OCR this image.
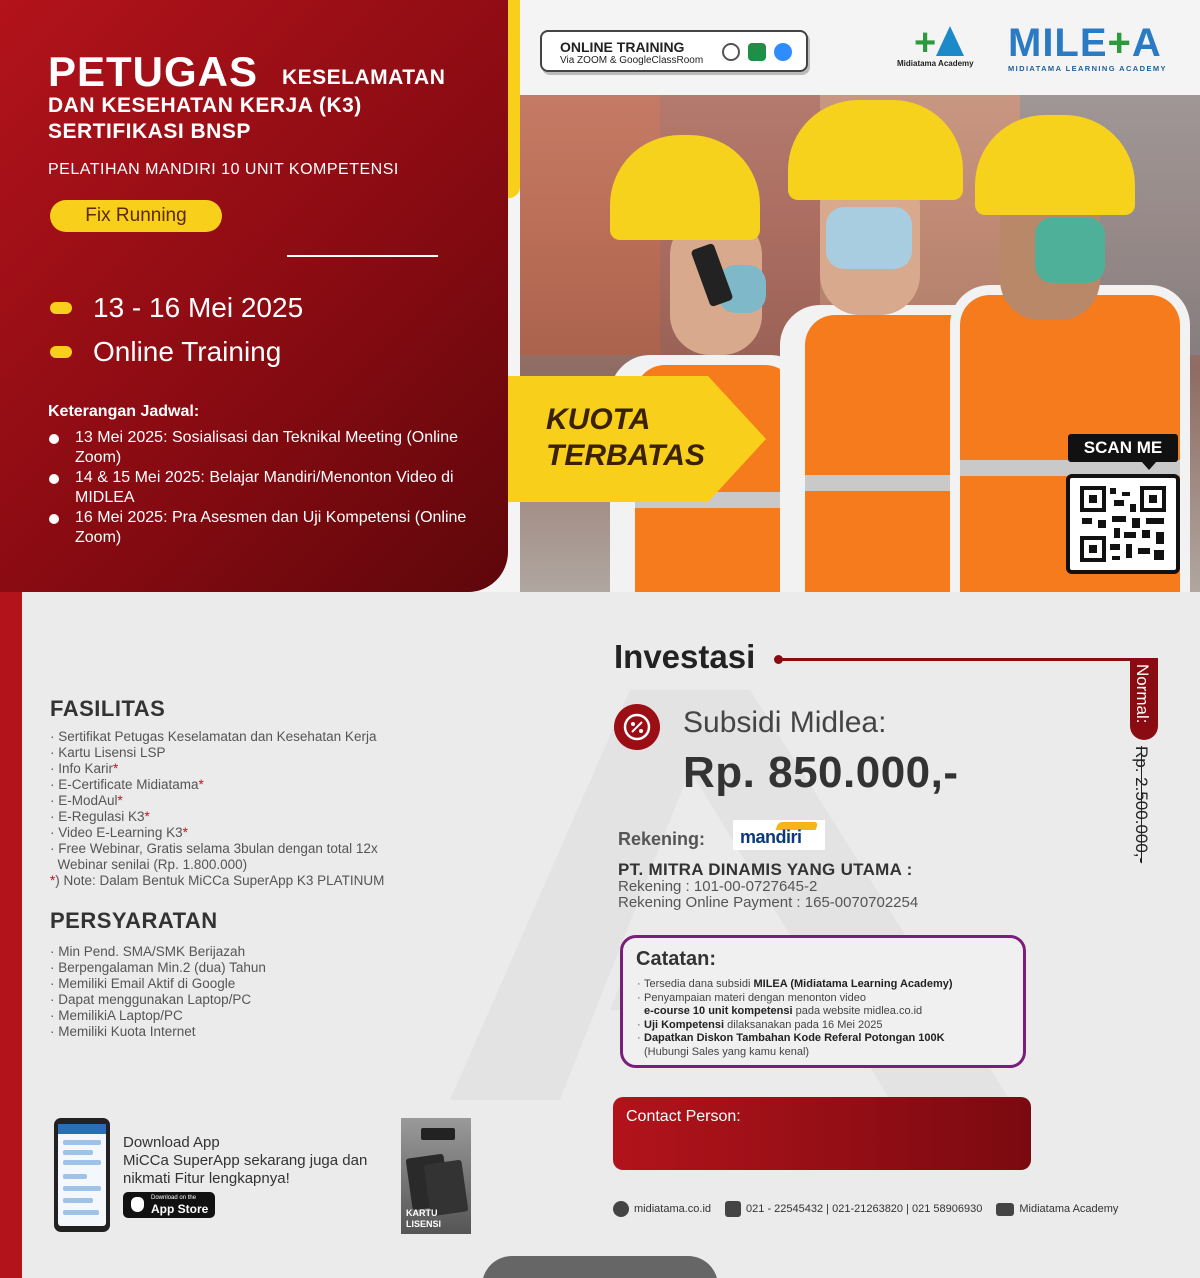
PETUGAS KESELAMATAN
DAN KESEHATAN KERJA (K3)
SERTIFIKASI BNSP
PELATIHAN MANDIRI 10 UNIT KOMPETENSI
Fix Running
13 - 16 Mei 2025
Online Training
Keterangan Jadwal:
13 Mei 2025: Sosialisasi dan Teknikal Meeting (Online Zoom)
14 & 15 Mei 2025: Belajar Mandiri/Menonton Video di MIDLEA
16 Mei 2025: Pra Asesmen dan Uji Kompetensi (Online Zoom)
ONLINE TRAINING
Via ZOOM & GoogleClassRoom	+
Midiatama Academy MILE+A
MIDIATAMA LEARNING ACADEMY
KUOTA
TERBATAS	SCAN ME
FASILITAS
· Sertifikat Petugas Keselamatan dan Kesehatan Kerja
· Kartu Lisensi LSP
· Info Karir*
· E-Certificate Midiatama*
· E-ModAul*
· E-Regulasi K3*
· Video E-Learning K3*
· Free Webinar, Gratis selama 3bulan dengan total 12x
Webinar senilai (Rp. 1.800.000)
*) Note: Dalam Bentuk MiCCa SuperApp K3 PLATINUM
PERSYARATAN
· Min Pend. SMA/SMK Berijazah
· Berpengalaman Min.2 (dua) Tahun
· Memiliki Email Aktif di Google
· Dapat menggunakan Laptop/PC
· MemilikiA Laptop/PC
· Memiliki Kuota Internet
Investasi
Normal:
Rp. 2.500.000,-
Subsidi Midlea:
Rp. 850.000,-
Rekening: mandiri
PT. MITRA DINAMIS YANG UTAMA :
Rekening : 101-00-0727645-2
Rekening Online Payment : 165-0070702254
Catatan:
· Tersedia dana subsidi MILEA (Midiatama Learning Academy)
· Penyampaian materi dengan menonton video
e-course 10 unit kompetensi pada website midlea.co.id
· Uji Kompetensi dilaksanakan pada 16 Mei 2025
· Dapatkan Diskon Tambahan Kode Referal Potongan 100K
(Hubungi Sales yang kamu kenal)
Contact Person:
midiatama.co.id	021 - 22545432 | 021-21263820 | 021 58906930	Midiatama Academy
Download App
MiCCa SuperApp sekarang juga dan nikmati Fitur lengkapnya!
Download on the
App Store	KARTU LISENSI
